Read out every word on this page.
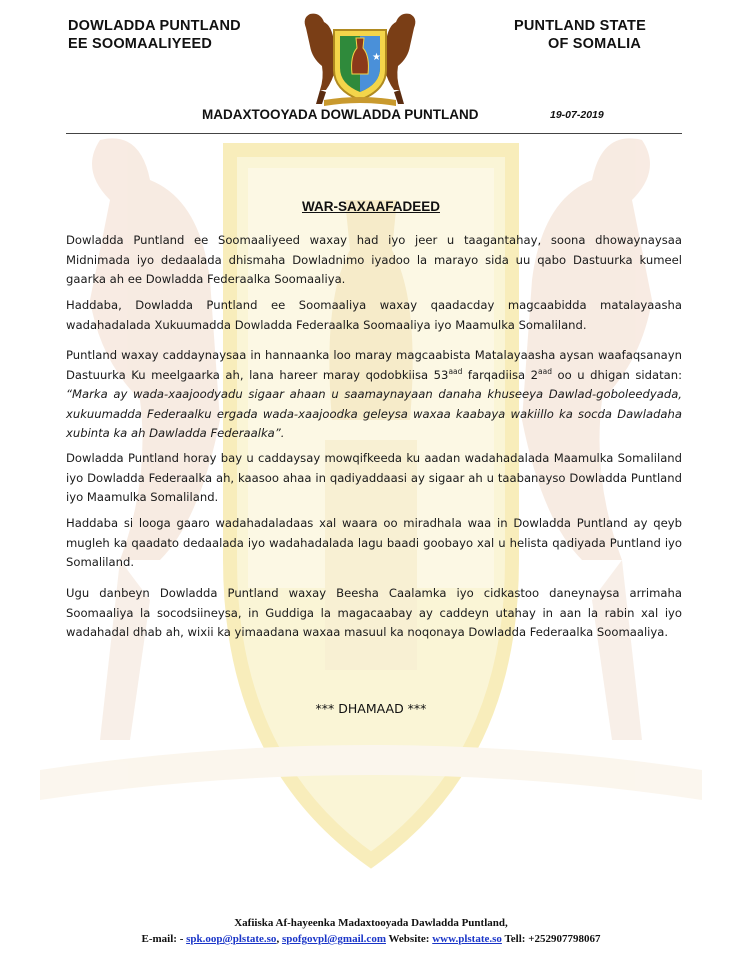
DOWLADDA PUNTLAND
EE SOOMAALIYEED
PUNTLAND STATE
OF SOMALIA
★
MADAXTOOYADA DOWLADDA PUNTLAND	19-07-2019
WAR-SAXAAFADEED

Dowladda Puntland ee Soomaaliyeed waxay had iyo jeer u taagantahay, soona dhowaynaysaa Midnimada iyo dedaalada dhismaha Dowladnimo iyadoo la marayo sida uu qabo Dastuurka kumeel gaarka ah ee Dowladda Federaalka Soomaaliya.

Haddaba, Dowladda Puntland ee Soomaaliya waxay qaadacday magcaabidda matalayaasha wadahadalada Xukuumadda Dowladda Federaalka Soomaaliya iyo Maamulka Somaliland.

Puntland waxay caddaynaysaa in hannaanka loo maray magcaabista Matalayaasha aysan waafaqsanayn Dastuurka Ku meelgaarka ah, lana hareer maray qodobkiisa $53^{aad}$ farqadiisa $2^{aad}$ oo u dhigan sidatan: “Marka ay wada-xaajoodyadu sigaar ahaan u saamaynayaan danaha khuseeya Dawlad-goboleedyada, xukuumadda Federaalku ergada wada-xaajoodka geleysa waxaa kaabaya wakiillo ka socda Dawladaha xubinta ka ah Dawladda Federaalka”.

Dowladda Puntland horay bay u caddaysay mowqifkeeda ku aadan wadahadalada Maamulka Somaliland iyo Dowladda Federaalka ah, kaasoo ahaa in qadiyaddaasi ay sigaar ah u taabanayso Dowladda Puntland iyo Maamulka Somaliland.

Haddaba si looga gaaro wadahadaladaas xal waara oo miradhala waa in Dowladda Puntland ay qeyb mugleh ka qaadato dedaalada iyo wadahadalada lagu baadi goobayo xal u helista qadiyada Puntland iyo Somaliland.

Ugu danbeyn Dowladda Puntland waxay Beesha Caalamka iyo cidkastoo daneynaysa arrimaha Soomaaliya la socodsiineysa, in Guddiga la magacaabay ay caddeyn utahay in aan la rabin xal iyo wadahadal dhab ah, wixii ka yimaadana waxaa masuul ka noqonaya Dowladda Federaalka Soomaaliya.

*** DHAMAAD ***
Xafiiska Af-hayeenka Madaxtooyada Dawladda Puntland,
E-mail: - spk.oop@plstate.so, spofgovpl@gmail.com Website: www.plstate.so Tell: +252907798067
